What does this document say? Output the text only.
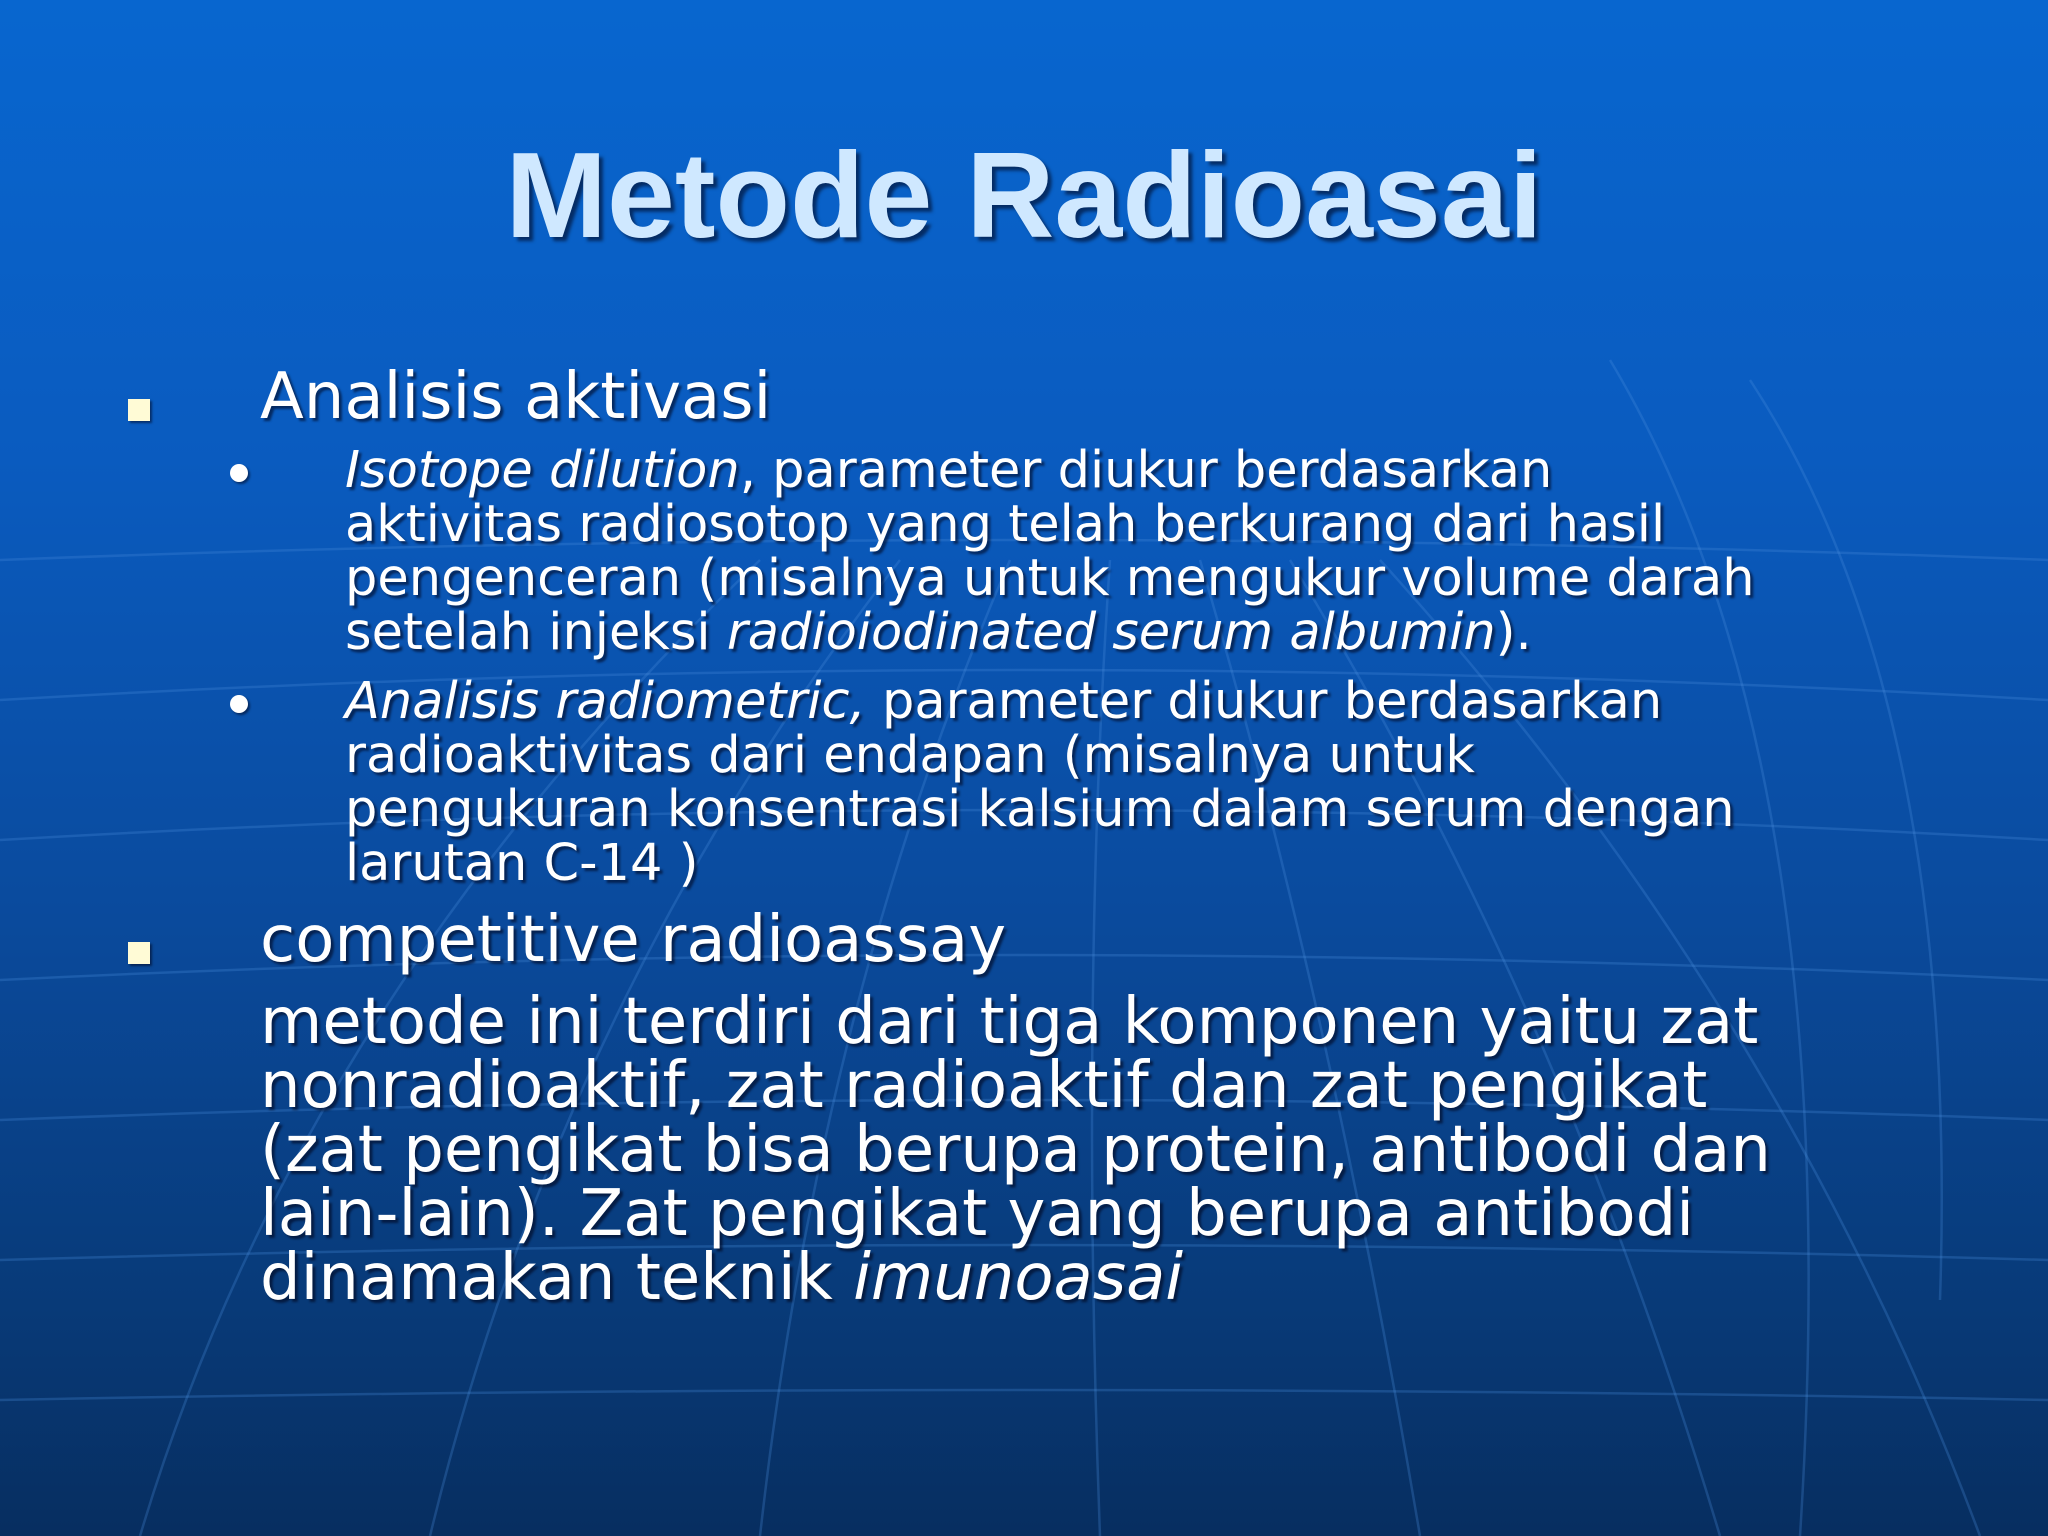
Metode Radioasai
Analisis aktivasi
Isotope dilution, parameter diukur berdasarkan
aktivitas radiosotop yang telah berkurang dari hasil
pengenceran (misalnya untuk mengukur volume darah
setelah injeksi radioiodinated serum albumin).
Analisis radiometric, parameter diukur berdasarkan
radioaktivitas dari endapan (misalnya untuk
pengukuran konsentrasi kalsium dalam serum dengan
larutan C-14 )
competitive radioassay
metode ini terdiri dari tiga komponen yaitu zat
nonradioaktif, zat radioaktif dan zat pengikat
(zat pengikat bisa berupa protein, antibodi dan
lain-lain). Zat pengikat yang berupa antibodi
dinamakan teknik imunoasai
